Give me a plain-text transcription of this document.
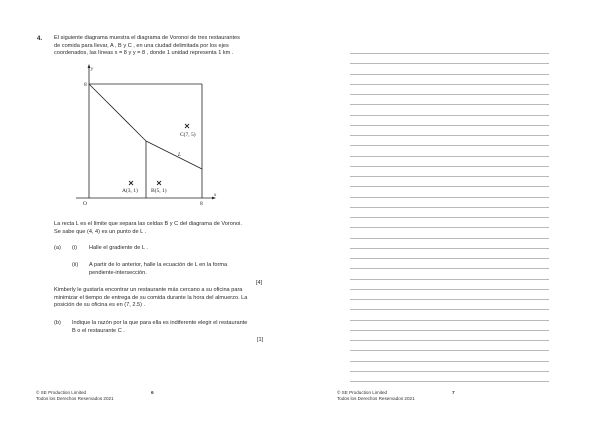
4. El siguiente diagrama muestra el diagrama de Voronoi de tres restaurantes
de comida para llevar, A , B y C , en una ciudad delimitada por los ejes
coordenados, las líneas x = 8 y y = 8 , donde 1 unidad representa 1 km .
y
x
O	8
8
L
A(3, 1) B(5, 1)
C(7, 5)
La recta L es el límite que separa las celdas B y C del diagrama de Voronoi.
Se sabe que (4, 4) es un punto de L .
(a) (i) Halle el gradiente de L .
(ii) A partir de lo anterior, halle la ecuación de L en la forma
pendiente-intersección.
[4]
Kimberly le gustaría encontrar un restaurante más cercano a su oficina para
minimizar el tiempo de entrega de su comida durante la hora del almuerzo. La
posición de su oficina es en (7, 2.5) .
(b) Indique la razón por la que para ella es indiferente elegir el restaurante
B o el restaurante C .
[1]
© SE Production Limited
Todos los Derechos Reservados 2021
6	© SE Production Limited
Todos los Derechos Reservados 2021
7
